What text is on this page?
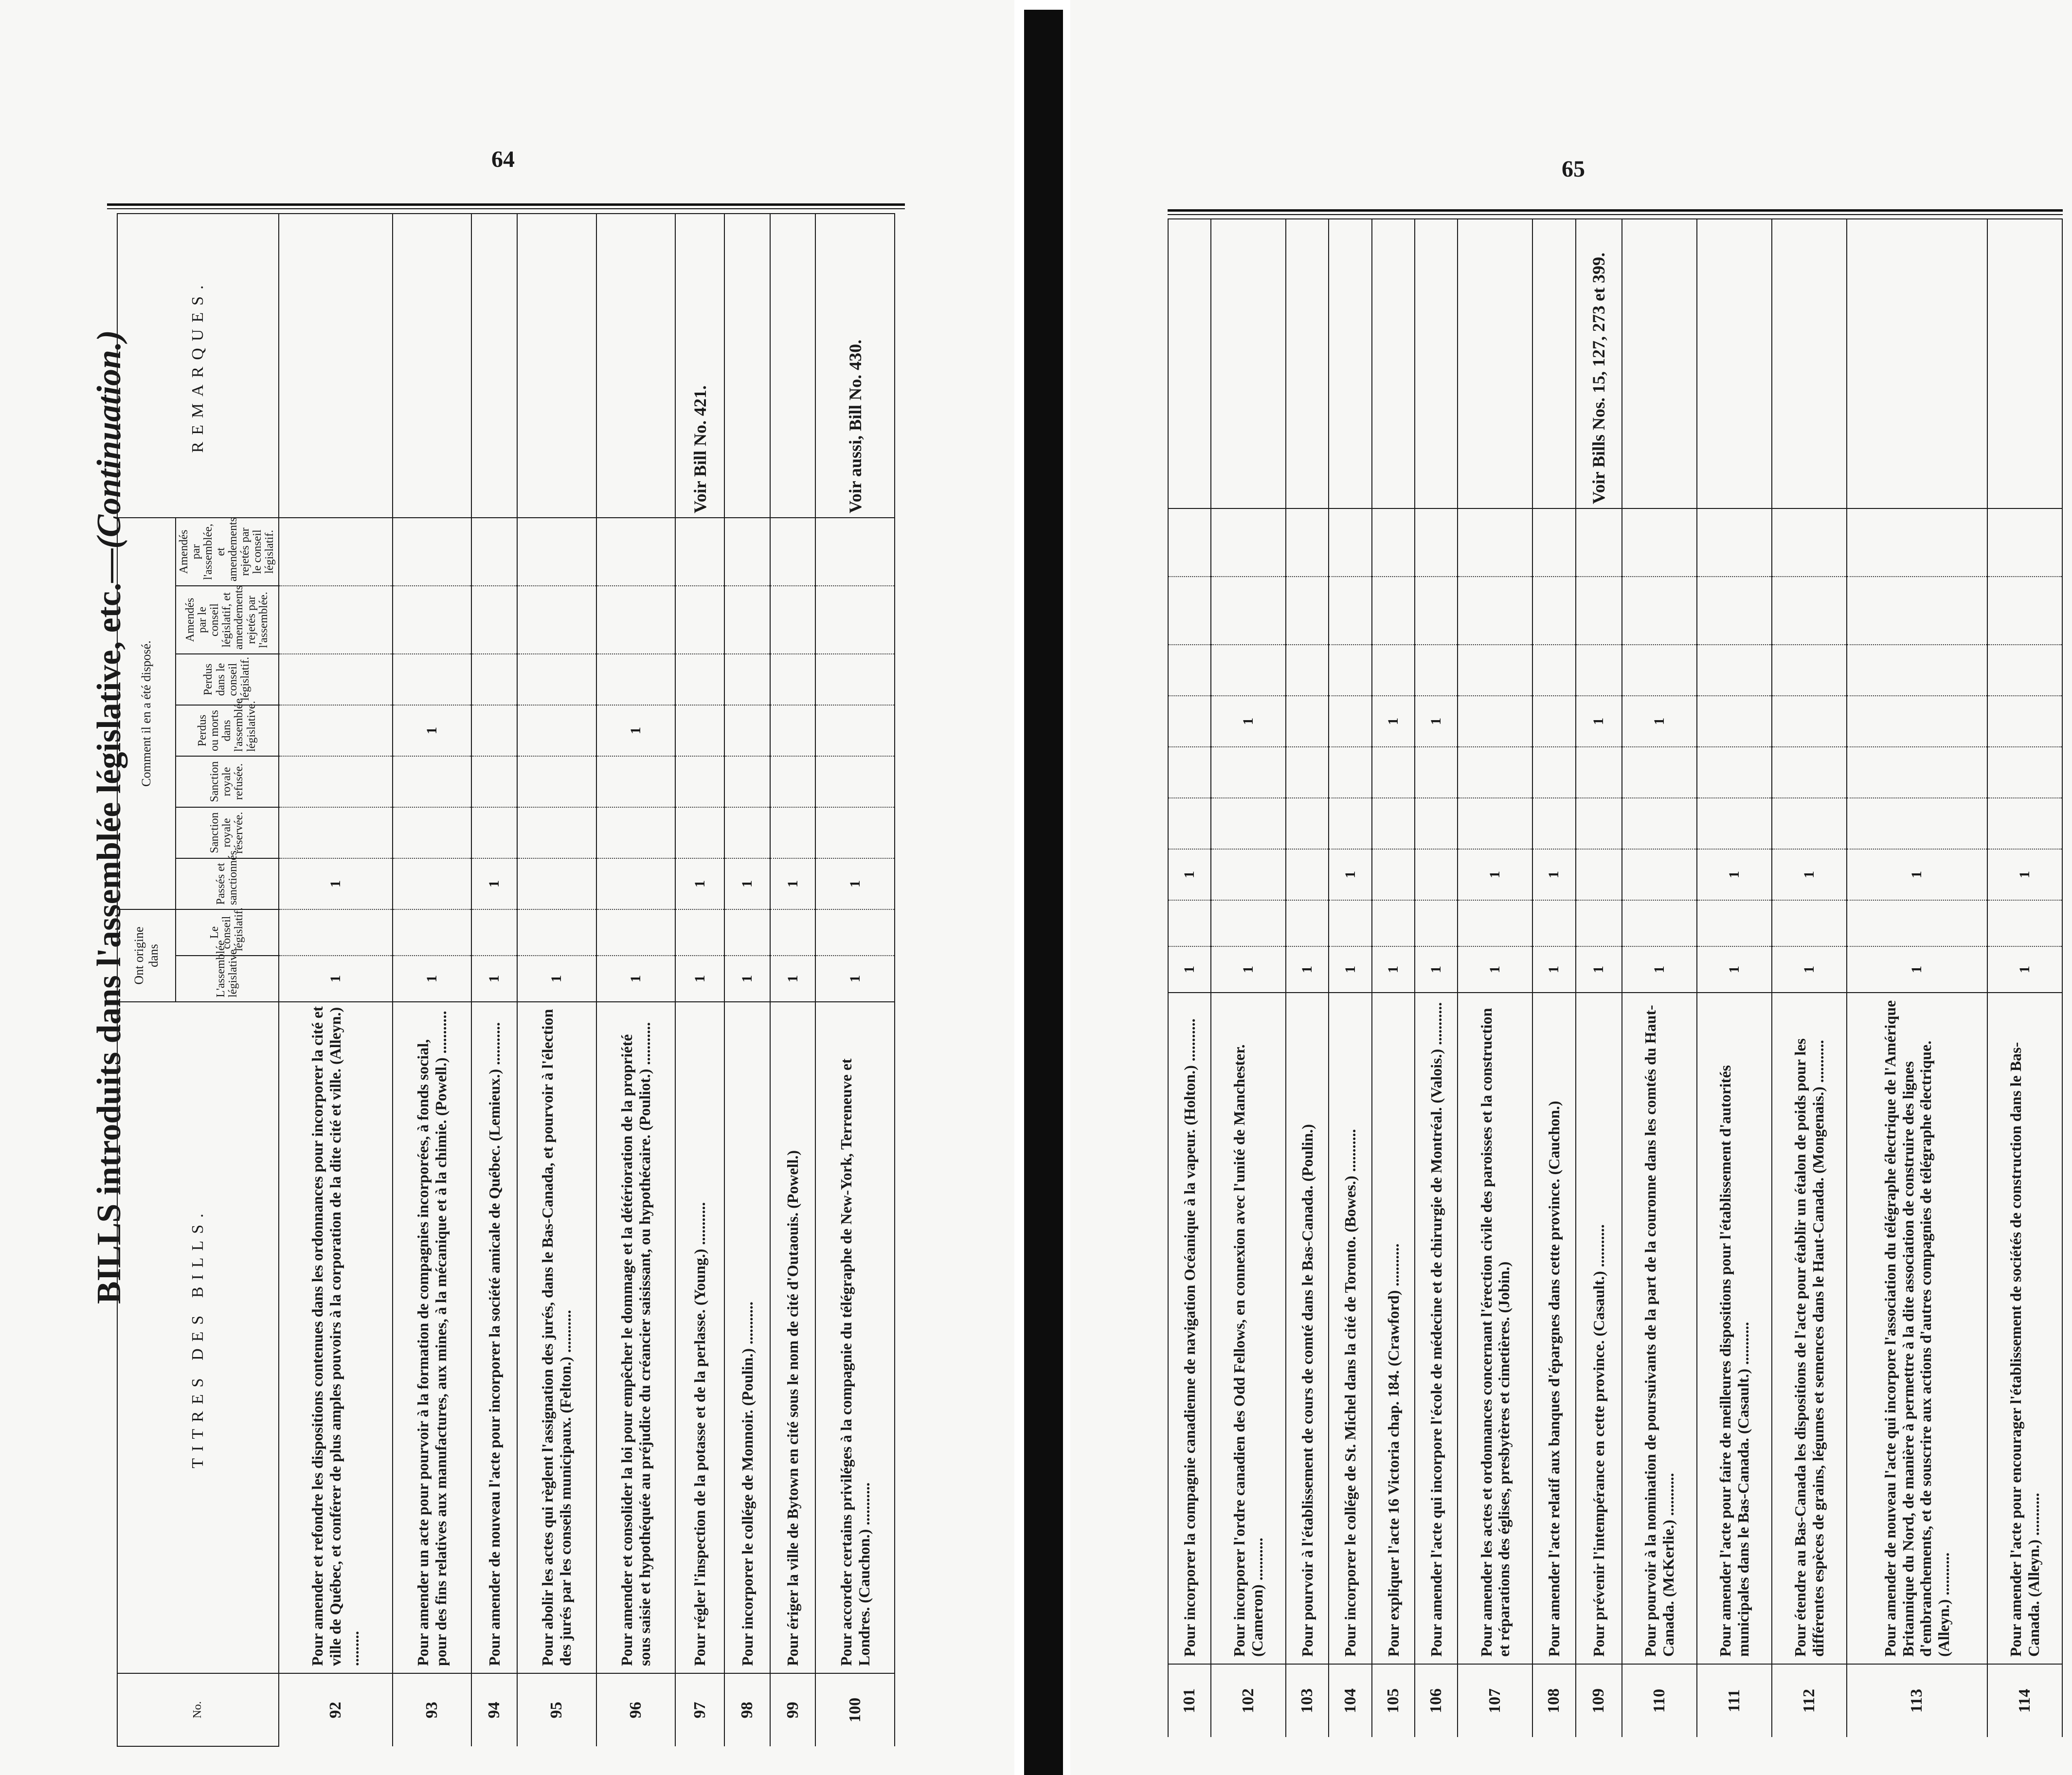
64
BILLS introduits dans l'assemblée législative, etc.—(Continuation.)
No.	TITRES DES BILLS.	Ont origine dans		Comment il en a été disposé.							REMARQUES.
		L'assemblée législative.	Le conseil législatif.	Passés et sanctionnés.	Sanction royale réservée.	Sanction royale refusée.	Perdus ou morts dans l'assemblée législative.	Perdus dans le conseil législatif.	Amendés par le conseil législatif, et amendements rejetés par l'assemblée.	Amendés par l'assemblée, et amendements rejetés par le conseil législatif.	
92	Pour amender et refondre les dispositions contenues dans les ordonnances pour incorporer la cité et ville de Québec, et conférer de plus amples pouvoirs à la corporation de la dite cité et ville. (Alleyn.) .........	1		1							
93	Pour amender un acte pour pourvoir à la formation de compagnies incorporées, à fonds social, pour des fins relatives aux manufactures, aux mines, à la mécanique et à la chimie. (Powell.) ...........	1					1				
94	Pour amender de nouveau l'acte pour incorporer la société amicale de Québec. (Lemieux.) ...........	1		1							
95	Pour abolir les actes qui règlent l'assignation des jurés, dans le Bas-Canada, et pourvoir à l'élection des jurés par les conseils municipaux. (Felton.) ...........	1									
96	Pour amender et consolider la loi pour empêcher le dommage et la détérioration de la propriété sous saisie et hypothéquée au préjudice du créancier saisissant, ou hypothécaire. (Pouliot.) ...........	1					1				
97	Pour régler l'inspection de la potasse et de la perlasse. (Young.) ...........	1		1							Voir Bill No. 421.
98	Pour incorporer le collége de Monnoir. (Poulin.) ...........	1		1							
99	Pour ériger la ville de Bytown en cité sous le nom de cité d'Outaouis. (Powell.)	1		1							
100	Pour accorder certains priviléges à la compagnie du télégraphe de New-York, Terreneuve et Londres. (Cauchon.) ...........	1		1							Voir aussi, Bill No. 430.
65
101	Pour incorporer la compagnie canadienne de navigation Océanique à la vapeur. (Holton.) ...........	1		1							
102	Pour incorporer l'ordre canadien des Odd Fellows, en connexion avec l'unité de Manchester. (Cameron) ...........	1					1				
103	Pour pourvoir à l'établissement de cours de comté dans le Bas-Canada. (Poulin.)	1									
104	Pour incorporer le collége de St. Michel dans la cité de Toronto. (Bowes.) ...........	1		1							
105	Pour expliquer l'acte 16 Victoria chap. 184. (Crawford) ...........	1					1				
106	Pour amender l'acte qui incorpore l'école de médecine et de chirurgie de Montréal. (Valois.) ...........	1					1				
107	Pour amender les actes et ordonnances concernant l'érection civile des paroisses et la construction et réparations des églises, presbytères et cimetières. (Jobin.)	1		1							
108	Pour amender l'acte relatif aux banques d'épargnes dans cette province. (Cauchon.)	1		1							
109	Pour prévenir l'intempérance en cette province. (Casault.) ...........	1					1				Voir Bills Nos. 15, 127, 273 et 399.
110	Pour pourvoir à la nomination de poursuivants de la part de la couronne dans les comtés du Haut-Canada. (McKerlie.) ...........	1					1				
111	Pour amender l'acte pour faire de meilleures dispositions pour l'établissement d'autorités municipales dans le Bas-Canada. (Casault.) ...........	1		1							
112	Pour étendre au Bas-Canada les dispositions de l'acte pour établir un étalon de poids pour les différentes espèces de grains, légumes et semences dans le Haut-Canada. (Mongenais.) ...........	1		1							
113	Pour amender de nouveau l'acte qui incorpore l'association du télégraphe électrique de l'Amérique Britannique du Nord, de manière à permettre à la dite association de construire des lignes d'embranchements, et de souscrire aux actions d'autres compagnies de télégraphe électrique. (Alleyn.) ...........	1		1							
114	Pour amender l'acte pour encourager l'établissement de sociétés de construction dans le Bas-Canada. (Alleyn.) ...........	1		1							
